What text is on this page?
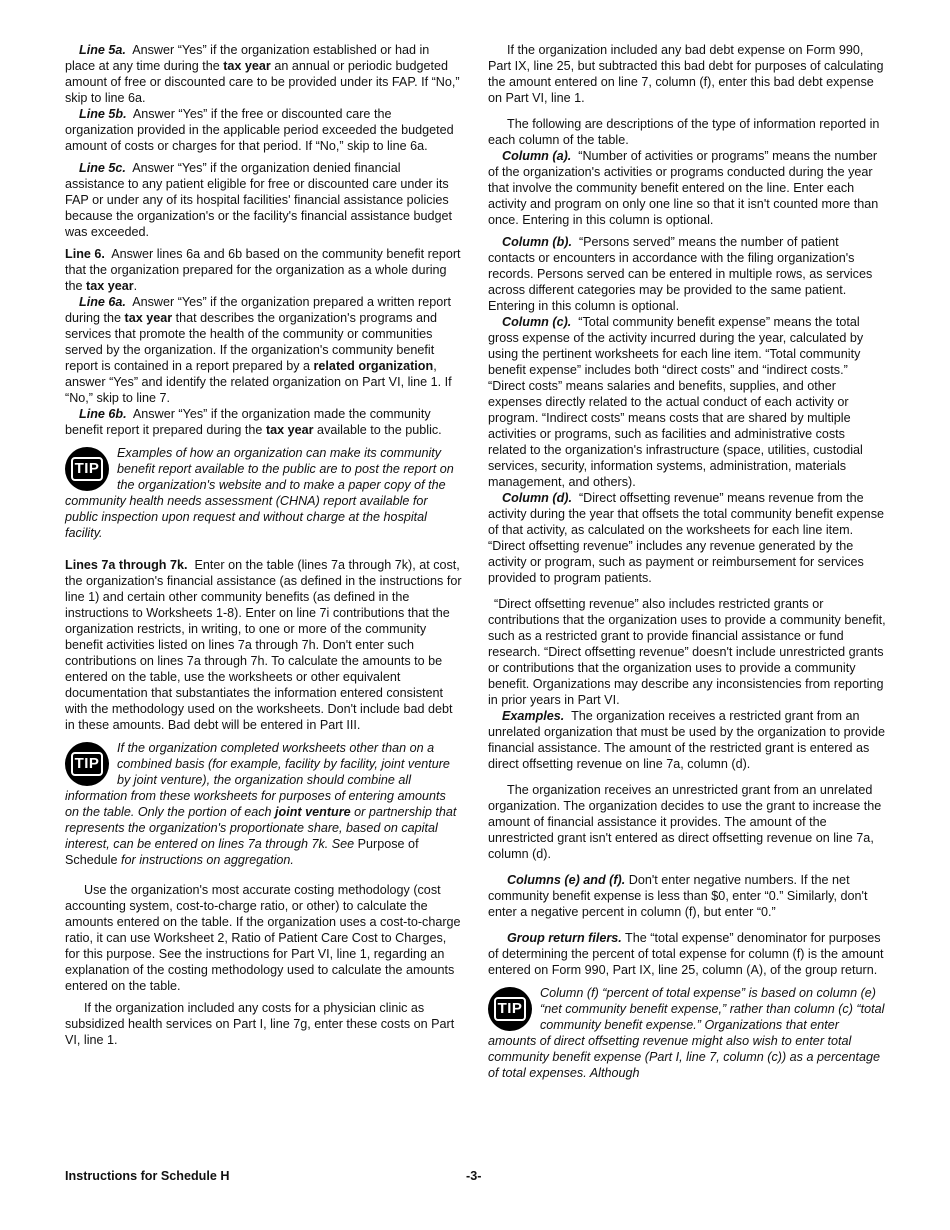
Line 5a. Answer “Yes” if the organization established or had in place at any time during the tax year an annual or periodic budgeted amount of free or discounted care to be provided under its FAP. If “No,” skip to line 6a.

Line 5b. Answer “Yes” if the free or discounted care the organization provided in the applicable period exceeded the budgeted amount of costs or charges for that period. If “No,” skip to line 6a.

Line 5c. Answer “Yes” if the organization denied financial assistance to any patient eligible for free or discounted care under its FAP or under any of its hospital facilities' financial assistance policies because the organization's or the facility's financial assistance budget was exceeded.

Line 6. Answer lines 6a and 6b based on the community benefit report that the organization prepared for the organization as a whole during the tax year.

Line 6a. Answer “Yes” if the organization prepared a written report during the tax year that describes the organization's programs and services that promote the health of the community or communities served by the organization. If the organization's community benefit report is contained in a report prepared by a related organization, answer “Yes” and identify the related organization on Part VI, line 1. If “No,” skip to line 7.

Line 6b. Answer “Yes” if the organization made the community benefit report it prepared during the tax year available to the public.

TIP
Examples of how an organization can make its community benefit report available to the public are to post the report on the organization's website and to make a paper copy of the community health needs assessment (CHNA) report available for public inspection upon request and without charge at the hospital facility.

Lines 7a through 7k. Enter on the table (lines 7a through 7k), at cost, the organization's financial assistance (as defined in the instructions for line 1) and certain other community benefits (as defined in the instructions to Worksheets 1-8). Enter on line 7i contributions that the organization restricts, in writing, to one or more of the community benefit activities listed on lines 7a through 7h. Don't enter such contributions on lines 7a through 7h. To calculate the amounts to be entered on the table, use the worksheets or other equivalent documentation that substantiates the information entered consistent with the methodology used on the worksheets. Don't include bad debt in these amounts. Bad debt will be entered in Part III.

TIP
If the organization completed worksheets other than on a combined basis (for example, facility by facility, joint venture by joint venture), the organization should combine all information from these worksheets for purposes of entering amounts on the table. Only the portion of each joint venture or partnership that represents the organization's proportionate share, based on capital interest, can be entered on lines 7a through 7k. See Purpose of Schedule for instructions on aggregation.

Use the organization's most accurate costing methodology (cost accounting system, cost-to-charge ratio, or other) to calculate the amounts entered on the table. If the organization uses a cost-to-charge ratio, it can use Worksheet 2, Ratio of Patient Care Cost to Charges, for this purpose. See the instructions for Part VI, line 1, regarding an explanation of the costing methodology used to calculate the amounts entered on the table.

If the organization included any costs for a physician clinic as subsidized health services on Part I, line 7g, enter these costs on Part VI, line 1.

If the organization included any bad debt expense on Form 990, Part IX, line 25, but subtracted this bad debt for purposes of calculating the amount entered on line 7, column (f), enter this bad debt expense on Part VI, line 1.

The following are descriptions of the type of information reported in each column of the table.

Column (a). “Number of activities or programs” means the number of the organization's activities or programs conducted during the year that involve the community benefit entered on the line. Enter each activity and program on only one line so that it isn't counted more than once. Entering in this column is optional.

Column (b). “Persons served” means the number of patient contacts or encounters in accordance with the filing organization's records. Persons served can be entered in multiple rows, as services across different categories may be provided to the same patient. Entering in this column is optional.

Column (c). “Total community benefit expense” means the total gross expense of the activity incurred during the year, calculated by using the pertinent worksheets for each line item. “Total community benefit expense” includes both “direct costs” and “indirect costs.” “Direct costs” means salaries and benefits, supplies, and other expenses directly related to the actual conduct of each activity or program. “Indirect costs” means costs that are shared by multiple activities or programs, such as facilities and administrative costs related to the organization's infrastructure (space, utilities, custodial services, security, information systems, administration, materials management, and others).

Column (d). “Direct offsetting revenue” means revenue from the activity during the year that offsets the total community benefit expense of that activity, as calculated on the worksheets for each line item. “Direct offsetting revenue” includes any revenue generated by the activity or program, such as payment or reimbursement for services provided to program patients.

“Direct offsetting revenue” also includes restricted grants or contributions that the organization uses to provide a community benefit, such as a restricted grant to provide financial assistance or fund research. “Direct offsetting revenue” doesn't include unrestricted grants or contributions that the organization uses to provide a community benefit. Organizations may describe any inconsistencies from reporting in prior years in Part VI.

Examples. The organization receives a restricted grant from an unrelated organization that must be used by the organization to provide financial assistance. The amount of the restricted grant is entered as direct offsetting revenue on line 7a, column (d).

The organization receives an unrestricted grant from an unrelated organization. The organization decides to use the grant to increase the amount of financial assistance it provides. The amount of the unrestricted grant isn't entered as direct offsetting revenue on line 7a, column (d).

Columns (e) and (f). Don't enter negative numbers. If the net community benefit expense is less than $0, enter “0.” Similarly, don't enter a negative percent in column (f), but enter “0.”

Group return filers. The “total expense” denominator for purposes of determining the percent of total expense for column (f) is the amount entered on Form 990, Part IX, line 25, column (A), of the group return.

TIP
Column (f) “percent of total expense” is based on column (e) “net community benefit expense,” rather than column (c) “total community benefit expense.” Organizations that enter amounts of direct offsetting revenue might also wish to enter total community benefit expense (Part I, line 7, column (c)) as a percentage of total expenses. Although
Instructions for Schedule H	-3-
